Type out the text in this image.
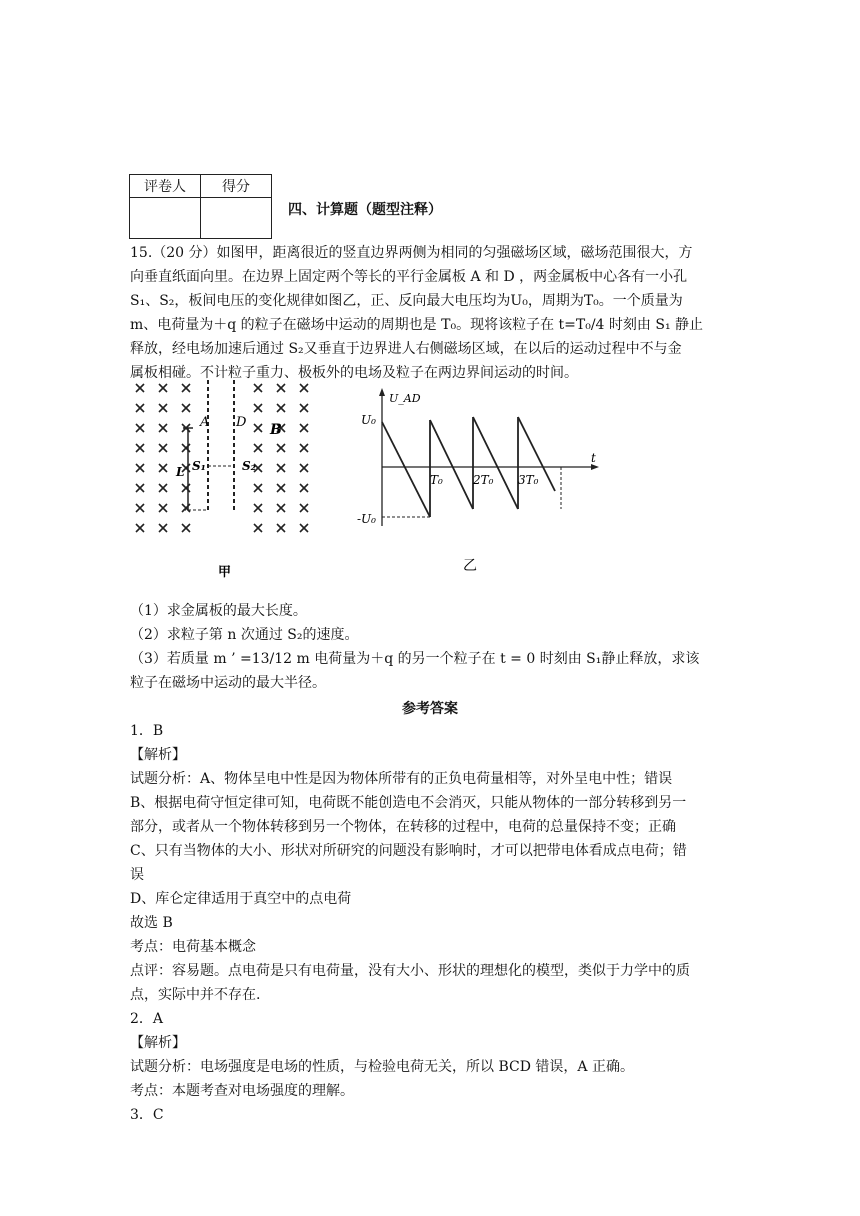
评卷人	得分

四、计算题（题型注释）
15.（20 分）如图甲，距离很近的竖直边界两侧为相同的匀强磁场区域，磁场范围很大，方
向垂直纸面向里。在边界上固定两个等长的平行金属板 A 和 D ，两金属板中心各有一小孔
S₁、S₂，板间电压的变化规律如图乙，正、反向最大电压均为U₀，周期为T₀。一个质量为
m、电荷量为＋q 的粒子在磁场中运动的周期也是 T₀。现将该粒子在 t=T₀/4 时刻由 S₁ 静止
释放，经电场加速后通过 S₂又垂直于边界进人右侧磁场区域，在以后的运动过程中不与金
属板相碰。不计粒子重力、极板外的电场及粒子在两边界间运动的时间。
A D B
S₁	S₂
L
甲
U_AD
t
U₀
-U₀
T₀	2T₀ 3T₀
乙
（1）求金属板的最大长度。
（2）求粒子第 n 次通过 S₂的速度。
（3）若质量 m ’ =13/12 m 电荷量为＋q 的另一个粒子在 t = 0 时刻由 S₁静止释放，求该
粒子在磁场中运动的最大半径。
参考答案
1．B
【解析】
试题分析：A、物体呈电中性是因为物体所带有的正负电荷量相等，对外呈电中性；错误
B、根据电荷守恒定律可知，电荷既不能创造电不会消灭，只能从物体的一部分转移到另一
部分，或者从一个物体转移到另一个物体，在转移的过程中，电荷的总量保持不变；正确
C、只有当物体的大小、形状对所研究的问题没有影响时，才可以把带电体看成点电荷；错
误
D、库仑定律适用于真空中的点电荷
故选 B
考点：电荷基本概念
点评：容易题。点电荷是只有电荷量，没有大小、形状的理想化的模型，类似于力学中的质
点，实际中并不存在.
2．A
【解析】
试题分析：电场强度是电场的性质，与检验电荷无关，所以 BCD 错误，A 正确。
考点：本题考查对电场强度的理解。
3．C
